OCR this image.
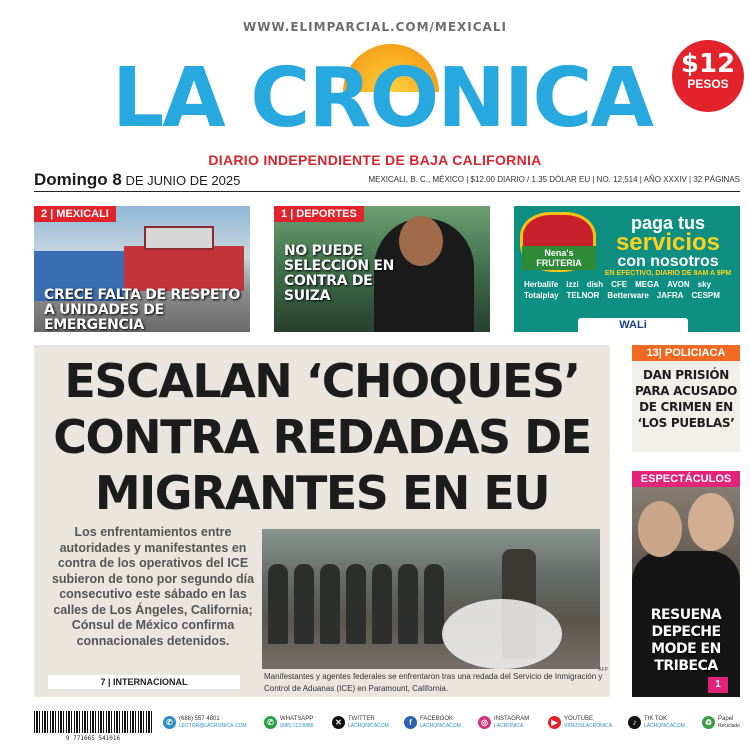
WWW.ELIMPARCIAL.COM/MEXICALI
LA CRONICA	$12
PESOS
DIARIO INDEPENDIENTE DE BAJA CALIFORNIA
Domingo 8 DE JUNIO DE 2025	MEXICALI, B. C., MÉXICO | $12.00 DIARIO / 1.35 DÓLAR EU | NO. 12,514 | AÑO XXXIV | 32 PÁGINAS
2 | MEXICALI
CRECE FALTA DE RESPETO A UNIDADES DE EMERGENCIA
1 | DEPORTES
NO PUEDE SELECCIÓN EN CONTRA DE SUIZA
Nena's FRUTERIA
paga tus
servicios
con nosotros
EN EFECTIVO, DIARIO DE 8AM A 9PM
Herbalife izzi dish CFE MEGA AVON sky
Totalplay TELNOR Betterware JAFRA CESPM
WALi
ESCALAN ‘CHOQUES’ CONTRA REDADAS DE MIGRANTES EN EU
Los enfrentamientos entre autoridades y manifestantes en contra de los operativos del ICE subieron de tono por segundo día consecutivo este sábado en las calles de Los Ángeles, California; Cónsul de México confirma connacionales detenidos.
AFP
Manifestantes y agentes federales se enfrentaron tras una redada del Servicio de Inmigración y Control de Aduanas (ICE) en Paramount, California.
7 | INTERNACIONAL
13| POLICIACA
DAN PRISIÓN PARA ACUSADO DE CRIMEN EN ‘LOS PUEBLAS’
ESPECTÁCULOS
RESUENA DEPECHE MODE EN TRIBECA
1
9 771665 541016
✆	(686) 557 4801
LECTOR@LACRONICA.COM	✆	WHATSAPP
(686) 113 8456	✕	TWITTER
LACRONICACOM	f	FACEBOOK
LACRONICACOM	◎	INSTAGRAM
LACRONICA	▶	YOUTUBE
VIDEOSLACRONICA	♪	TIK TOK
LACRONICACOM	♻ Papel
Reciclado
